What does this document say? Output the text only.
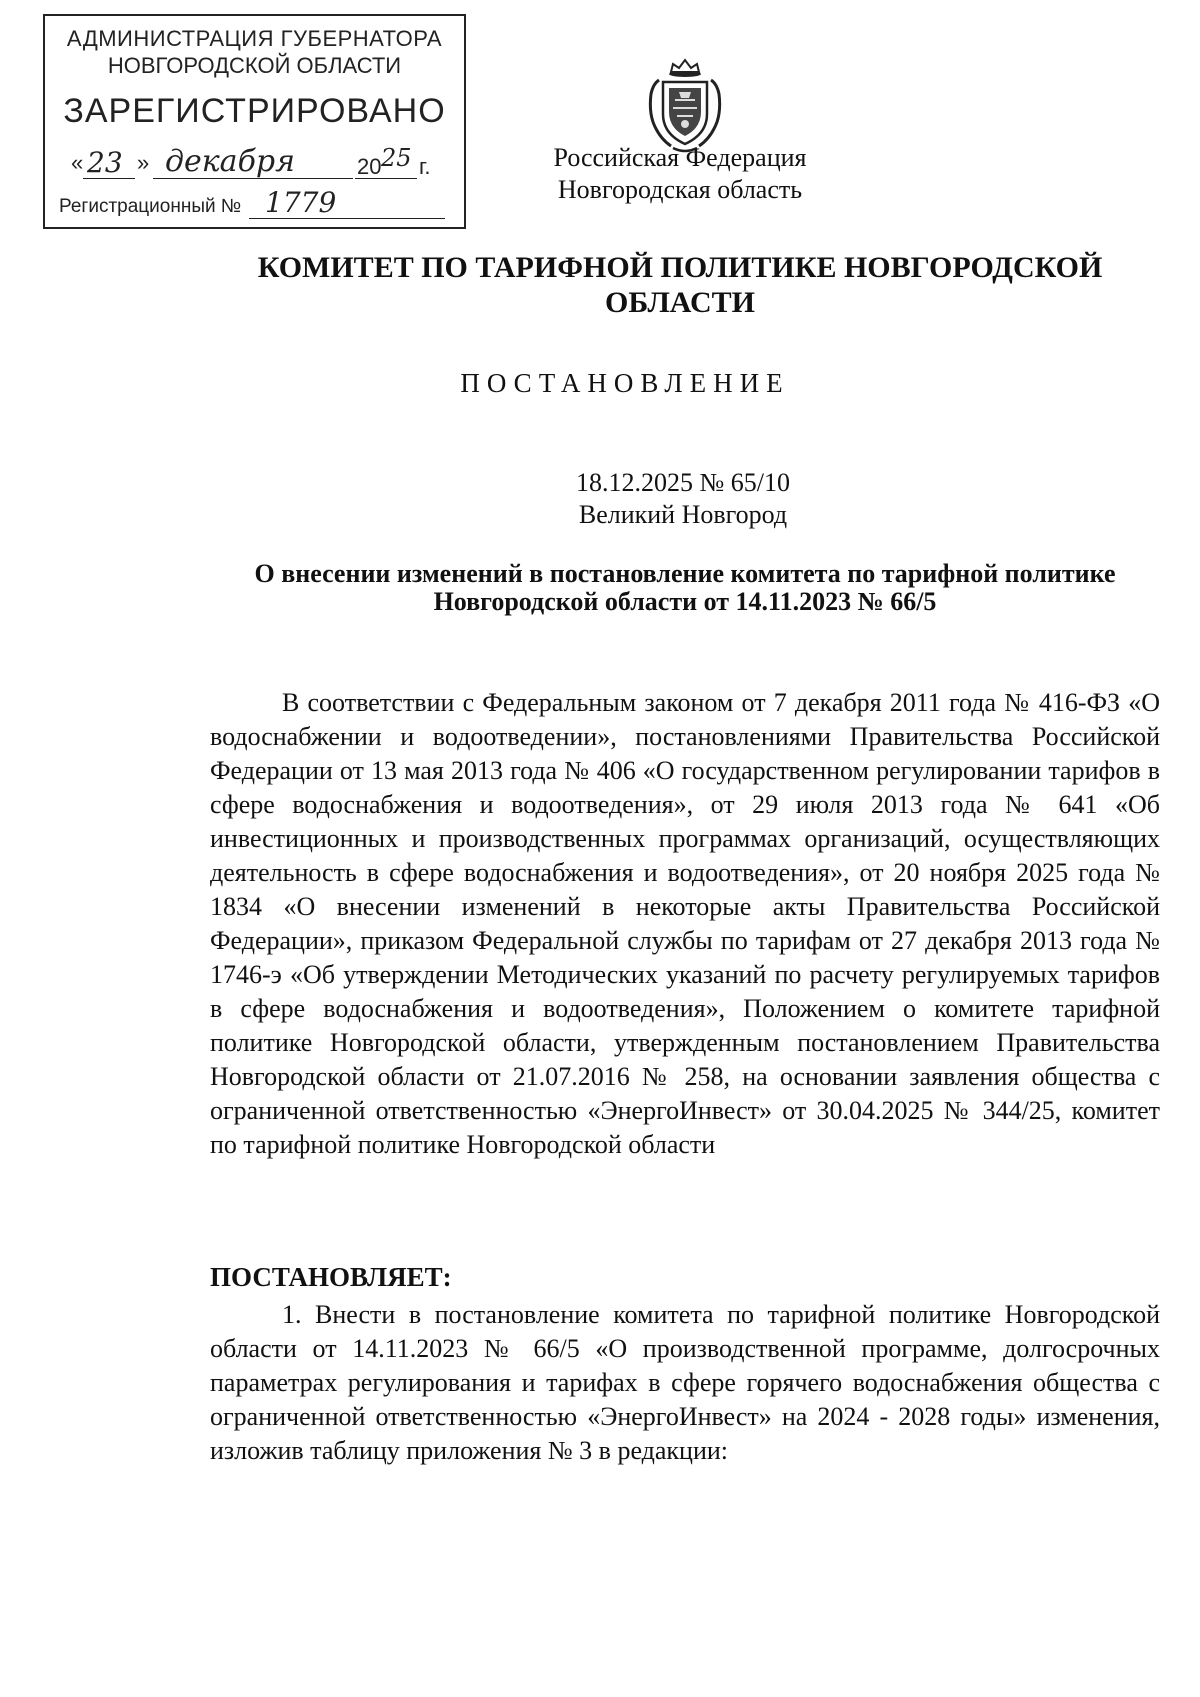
АДМИНИСТРАЦИЯ ГУБЕРНАТОРА
НОВГОРОДСКОЙ ОБЛАСТИ
ЗАРЕГИСТРИРОВАНО
« 23 » декабря	20 25 г.
Регистрационный № 1779
Российская Федерация
Новгородская область
КОМИТЕТ ПО ТАРИФНОЙ ПОЛИТИКЕ НОВГОРОДСКОЙ ОБЛАСТИ
ПОСТАНОВЛЕНИЕ
18.12.2025 № 65/10
Великий Новгород
О внесении изменений в постановление комитета по тарифной политике Новгородской области от 14.11.2023 № 66/5

В соответствии с Федеральным законом от 7 декабря 2011 года № 416-ФЗ «О водоснабжении и водоотведении», постановлениями Правительства Российской Федерации от 13 мая 2013 года № 406 «О государственном регулировании тарифов в сфере водоснабжения и водоотведения», от 29 июля 2013 года № 641 «Об инвестиционных и производственных программах организаций, осуществляющих деятельность в сфере водоснабжения и водоотведения», от 20 ноября 2025 года № 1834 «О внесении изменений в некоторые акты Правительства Российской Федерации», приказом Федеральной службы по тарифам от 27 декабря 2013 года № 1746-э «Об утверждении Методических указаний по расчету регулируемых тарифов в сфере водоснабжения и водоотведения», Положением о комитете тарифной политике Новгородской области, утвержденным постановлением Правительства Новгородской области от 21.07.2016 № 258, на основании заявления общества с ограниченной ответственностью «ЭнергоИнвест» от 30.04.2025 № 344/25, комитет по тарифной политике Новгородской области

ПОСТАНОВЛЯЕТ:

1. Внести в постановление комитета по тарифной политике Новгородской области от 14.11.2023 № 66/5 «О производственной программе, долгосрочных параметрах регулирования и тарифах в сфере горячего водоснабжения общества с ограниченной ответственностью «ЭнергоИнвест» на 2024 - 2028 годы» изменения, изложив таблицу приложения № 3 в редакции:
